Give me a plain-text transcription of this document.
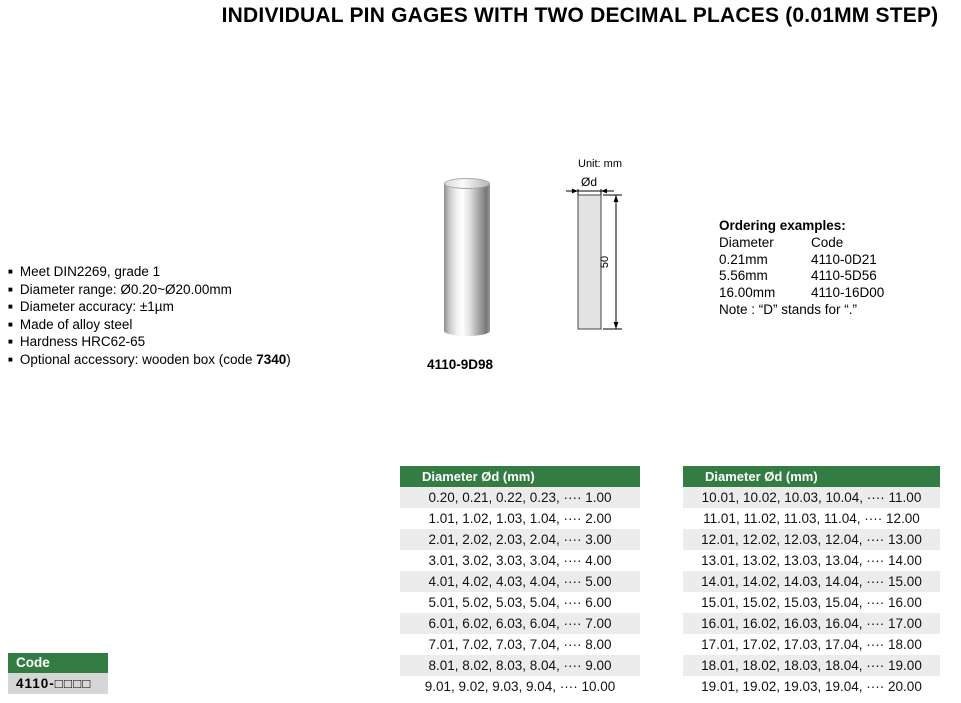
INDIVIDUAL PIN GAGES WITH TWO DECIMAL PLACES (0.01MM STEP)
■ Meet DIN2269, grade 1
■ Diameter range: Ø0.20~Ø20.00mm
■ Diameter accuracy: ±1µm
■ Made of alloy steel
■ Hardness HRC62-65
■ Optional accessory: wooden box (code 7340)	4110-9D98
Unit: mm
Ød
50
Ordering examples:
Diameter	Code
0.21mm	4110-0D21
5.56mm	4110-5D56
16.00mm	4110-16D00
Note : “D” stands for “.”
Diameter Ød (mm)
0.20, 0.21, 0.22, 0.23, ···· 1.00
1.01, 1.02, 1.03, 1.04, ···· 2.00
2.01, 2.02, 2.03, 2.04, ···· 3.00
3.01, 3.02, 3.03, 3.04, ···· 4.00
4.01, 4.02, 4.03, 4.04, ···· 5.00
5.01, 5.02, 5.03, 5.04, ···· 6.00
6.01, 6.02, 6.03, 6.04, ···· 7.00
7.01, 7.02, 7.03, 7.04, ···· 8.00
8.01, 8.02, 8.03, 8.04, ···· 9.00
9.01, 9.02, 9.03, 9.04, ···· 10.00
Diameter Ød (mm)
10.01, 10.02, 10.03, 10.04, ···· 11.00
11.01, 11.02, 11.03, 11.04, ···· 12.00
12.01, 12.02, 12.03, 12.04, ···· 13.00
13.01, 13.02, 13.03, 13.04, ···· 14.00
14.01, 14.02, 14.03, 14.04, ···· 15.00
15.01, 15.02, 15.03, 15.04, ···· 16.00
16.01, 16.02, 16.03, 16.04, ···· 17.00
17.01, 17.02, 17.03, 17.04, ···· 18.00
18.01, 18.02, 18.03, 18.04, ···· 19.00
19.01, 19.02, 19.03, 19.04, ···· 20.00
Code
4110-□□□□
